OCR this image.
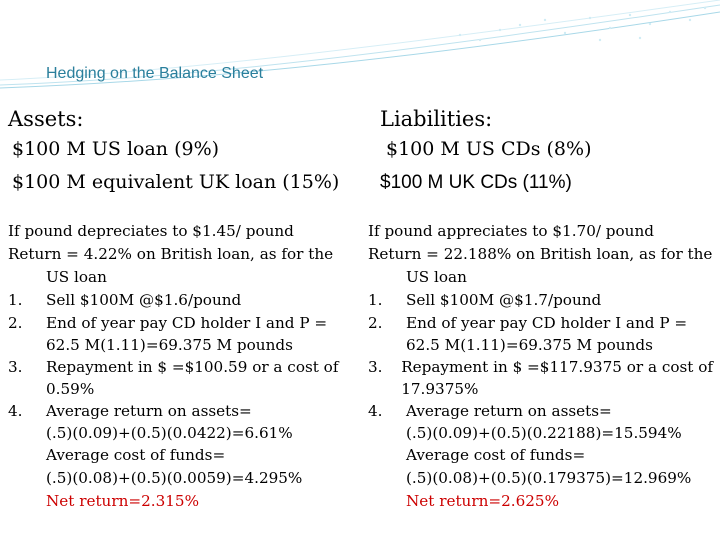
Hedging on the Balance Sheet
Assets:
$100 M US loan (9%)
$100 M equivalent UK loan (15%)
Liabilities:
$100 M US CDs (8%)
$100 M UK CDs (11%)
If pound depreciates to $1.45/ pound
Return = 4.22% on British loan, as for the
US loan
1.	Sell $100M @$1.6/pound
2.	End of year pay CD holder I and P =
62.5 M(1.11)=69.375 M pounds
3.	Repayment in $ =$100.59 or a cost of
0.59%
4.	Average return on assets=
(.5)(0.09)+(0.5)(0.0422)=6.61%
Average cost of funds=
(.5)(0.08)+(0.5)(0.0059)=4.295%
Net return=2.315%
If pound appreciates to $1.70/ pound
Return = 22.188% on British loan, as for the
US loan
1.	Sell $100M @$1.7/pound
2.	End of year pay CD holder I and P =
62.5 M(1.11)=69.375 M pounds
3.	Repayment in $ =$117.9375 or a cost of
17.9375%
4.	Average return on assets=
(.5)(0.09)+(0.5)(0.22188)=15.594%
Average cost of funds=
(.5)(0.08)+(0.5)(0.179375)=12.969%
Net return=2.625%
